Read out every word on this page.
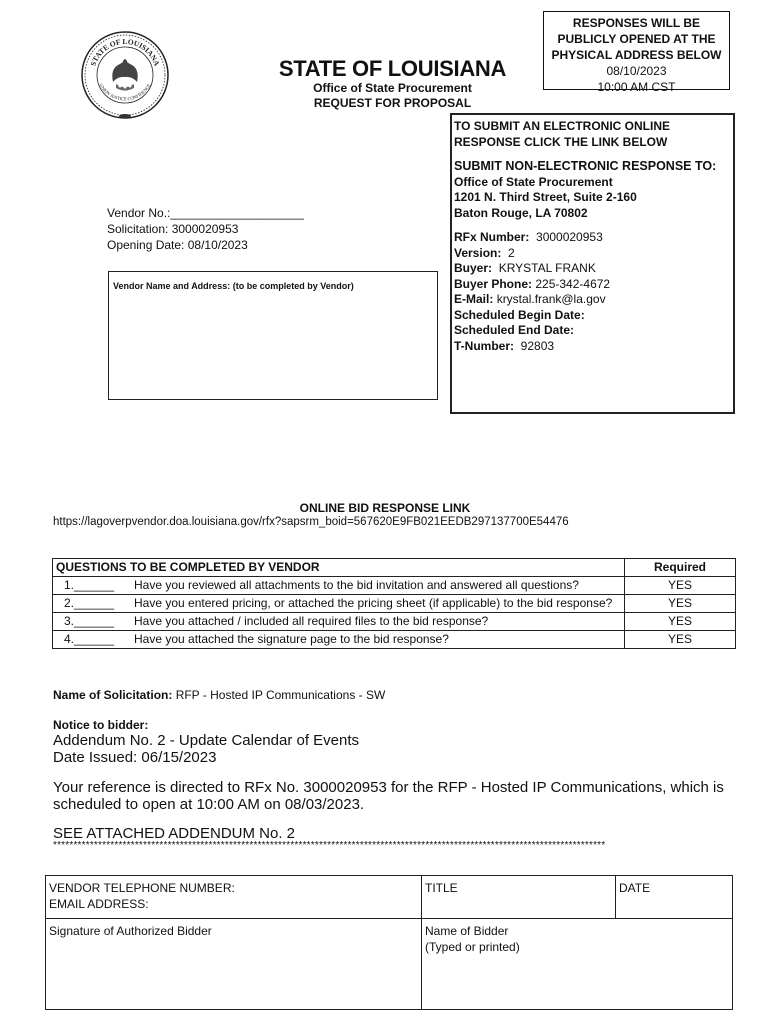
STATE OF LOUISIANA
UNION JUSTICE CONFIDENCE
STATE OF LOUISIANA
Office of State Procurement
REQUEST FOR PROPOSAL
RESPONSES WILL BE
PUBLICLY OPENED AT THE
PHYSICAL ADDRESS BELOW
08/10/2023
10:00 AM CST
TO SUBMIT AN ELECTRONIC ONLINE
RESPONSE CLICK THE LINK BELOW
SUBMIT NON-ELECTRONIC RESPONSE TO:
Office of State Procurement
1201 N. Third Street, Suite 2-160
Baton Rouge, LA 70802
RFx Number: 3000020953
Version: 2
Buyer: KRYSTAL FRANK
Buyer Phone: 225-342-4672
E-Mail: krystal.frank@la.gov
Scheduled Begin Date:
Scheduled End Date:
T-Number: 92803
Vendor No.:____________________
Solicitation: 3000020953
Opening Date: 08/10/2023
Vendor Name and Address: (to be completed by Vendor)
ONLINE BID RESPONSE LINK
https://lagoverpvendor.doa.louisiana.gov/rfx?sapsrm_boid=567620E9FB021EEDB297137700E54476
QUESTIONS TO BE COMPLETED BY VENDOR	Required
1.______ Have you reviewed all attachments to the bid invitation and answered all questions?	YES
2.______ Have you entered pricing, or attached the pricing sheet (if applicable) to the bid response?	YES
3.______ Have you attached / included all required files to the bid response?	YES
4.______ Have you attached the signature page to the bid response?	YES
Name of Solicitation: RFP - Hosted IP Communications - SW
Notice to bidder:
Addendum No. 2 - Update Calendar of Events
Date Issued: 06/15/2023
Your reference is directed to RFx No. 3000020953 for the RFP - Hosted IP Communications, which is scheduled to open at 10:00 AM on 08/03/2023.
SEE ATTACHED ADDENDUM No. 2
***************************************************************************************************************************************
VENDOR TELEPHONE NUMBER:
EMAIL ADDRESS:	TITLE	DATE
Signature of Authorized Bidder	Name of Bidder
(Typed or printed)	
